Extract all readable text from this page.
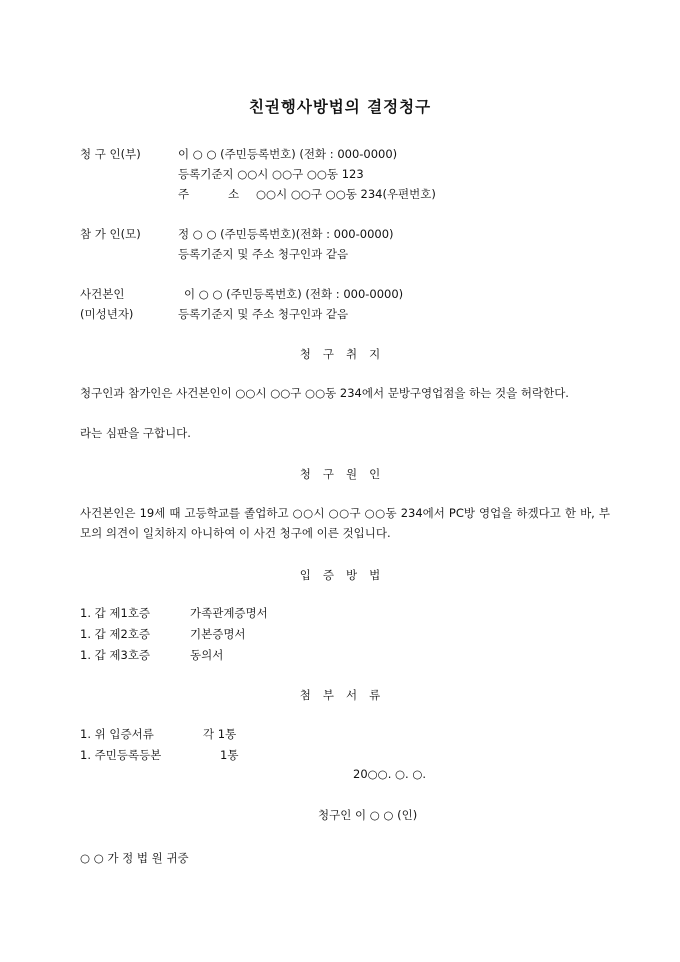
친권행사방법의 결정청구
청 구 인(부)	이 ○ ○ (주민등록번호) (전화 : 000-0000)
등록기준지 ○○시 ○○구 ○○동 123
주	소 ○○시 ○○구 ○○동 234(우편번호)
참 가 인(모)	정 ○ ○ (주민등록번호)(전화 : 000-0000)
등록기준지 및 주소 청구인과 같음
사건본인	이 ○ ○ (주민등록번호) (전화 : 000-0000)
(미성년자)	등록기준지 및 주소 청구인과 같음
청구취지
청구인과 참가인은 사건본인이 ○○시 ○○구 ○○동 234에서 문방구영업점을 하는 것을 허락한다.
라는 심판을 구합니다.
청구원인
사건본인은 19세 때 고등학교를 졸업하고 ○○시 ○○구 ○○동 234에서 PC방 영업을 하겠다고 한 바, 부모의 의견이 일치하지 아니하여 이 사건 청구에 이른 것입니다.
입증방법
1. 갑 제1호증	가족관계증명서
1. 갑 제2호증	기본증명서
1. 갑 제3호증	동의서
첨부서류
1. 위 입증서류	각 1통
1. 주민등록등본	1통
20○○. ○. ○.
청구인 이 ○ ○ (인)
○ ○ 가 정 법 원 귀중
